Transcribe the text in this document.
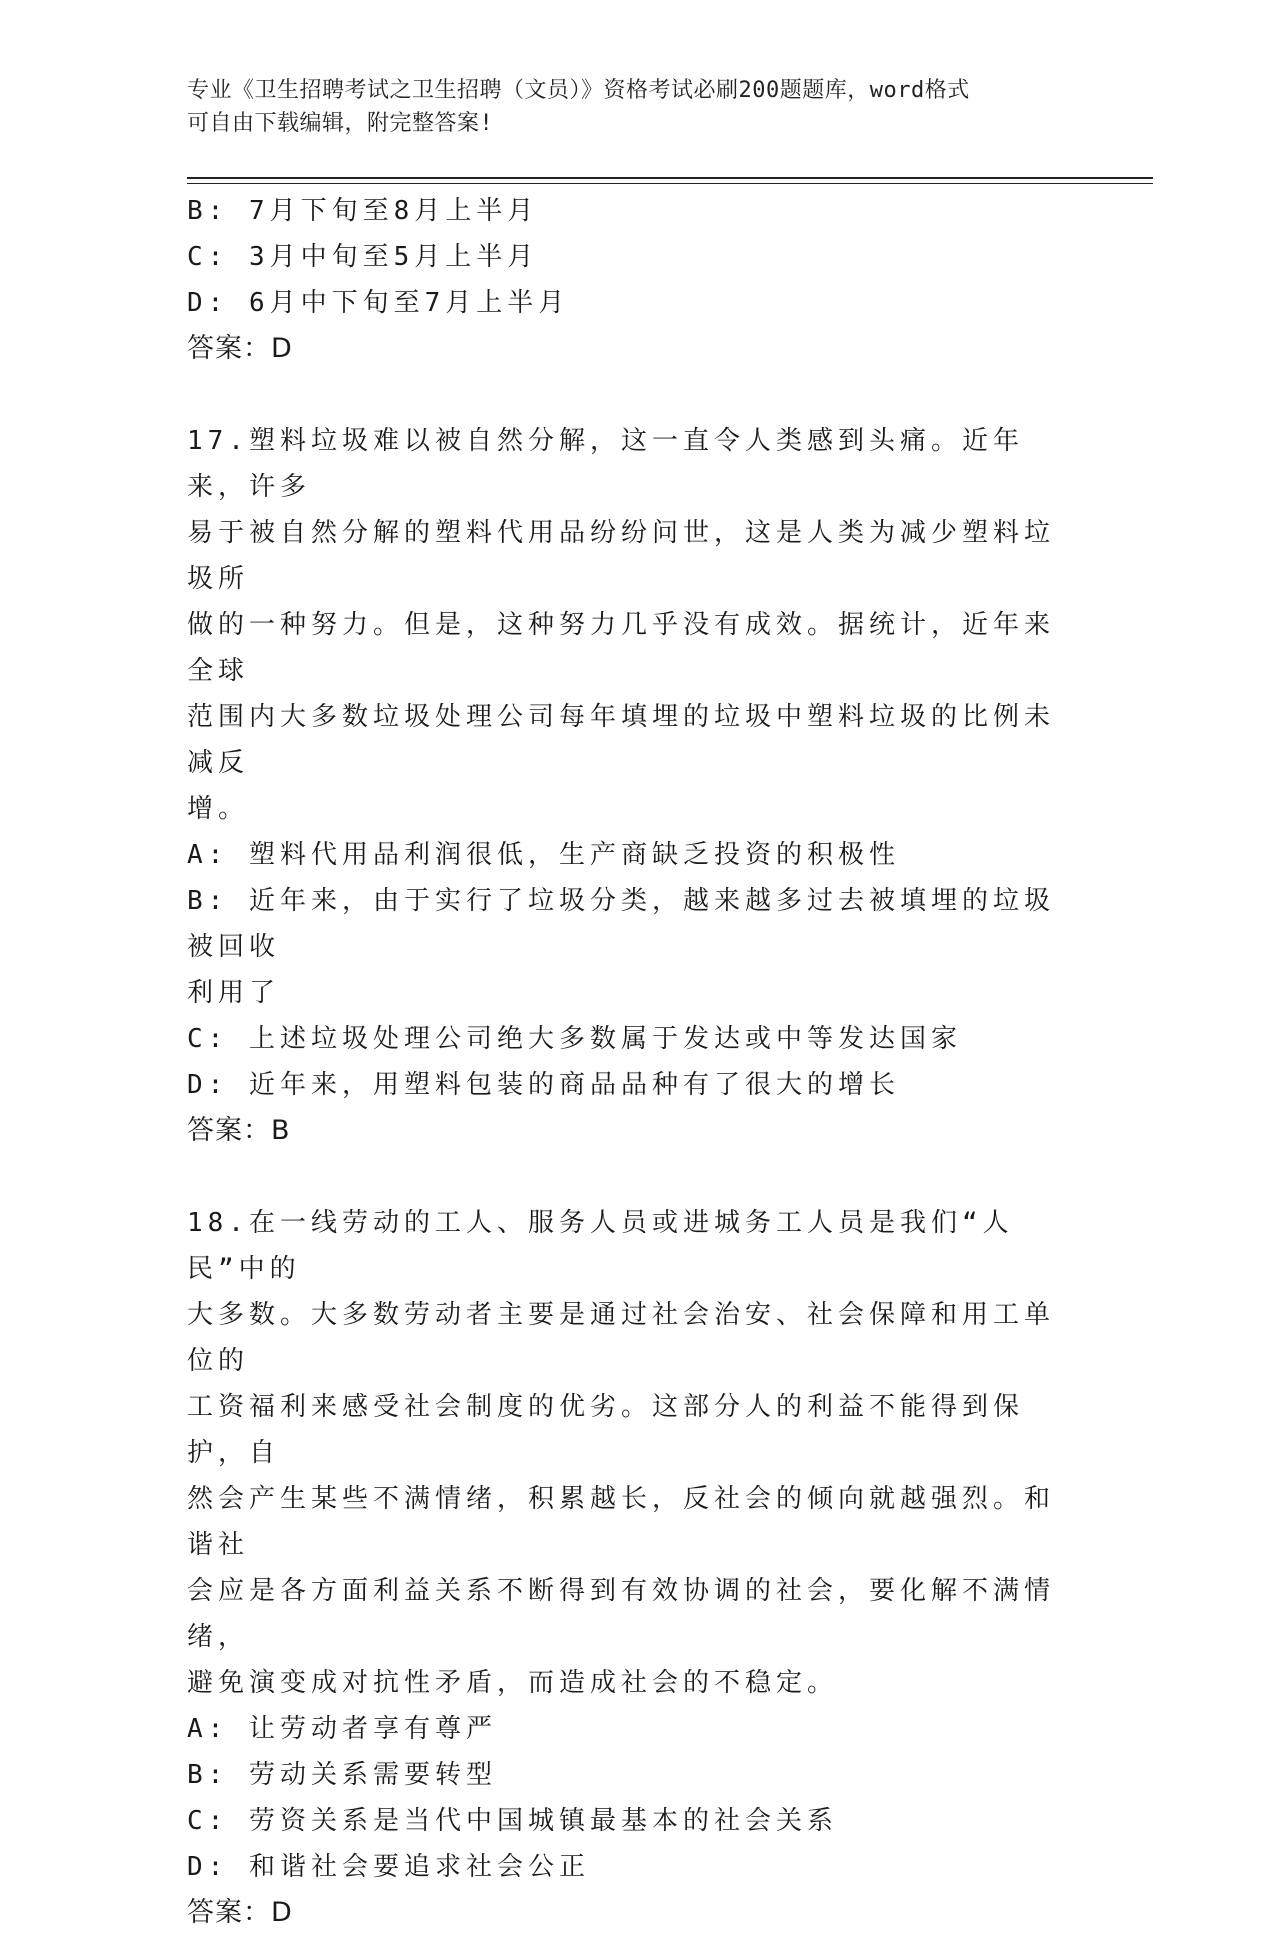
专业《卫生招聘考试之卫生招聘（文员）》资格考试必刷200题题库，word格式
可自由下载编辑，附完整答案!

B: 7月下旬至8月上半月

C: 3月中旬至5月上半月

D: 6月中下旬至7月上半月

答案：D

17.塑料垃圾难以被自然分解，这一直令人类感到头痛。近年来，许多

易于被自然分解的塑料代用品纷纷问世，这是人类为减少塑料垃圾所

做的一种努力。但是，这种努力几乎没有成效。据统计，近年来全球

范围内大多数垃圾处理公司每年填埋的垃圾中塑料垃圾的比例未减反

增。

A: 塑料代用品利润很低，生产商缺乏投资的积极性

B: 近年来，由于实行了垃圾分类，越来越多过去被填埋的垃圾被回收

利用了

C: 上述垃圾处理公司绝大多数属于发达或中等发达国家

D: 近年来，用塑料包装的商品品种有了很大的增长

答案：B

18.在一线劳动的工人、服务人员或进城务工人员是我们“人民”中的

大多数。大多数劳动者主要是通过社会治安、社会保障和用工单位的

工资福利来感受社会制度的优劣。这部分人的利益不能得到保护，自

然会产生某些不满情绪，积累越长，反社会的倾向就越强烈。和谐社

会应是各方面利益关系不断得到有效协调的社会，要化解不满情绪，

避免演变成对抗性矛盾，而造成社会的不稳定。

A: 让劳动者享有尊严

B: 劳动关系需要转型

C: 劳资关系是当代中国城镇最基本的社会关系

D: 和谐社会要追求社会公正

答案：D
